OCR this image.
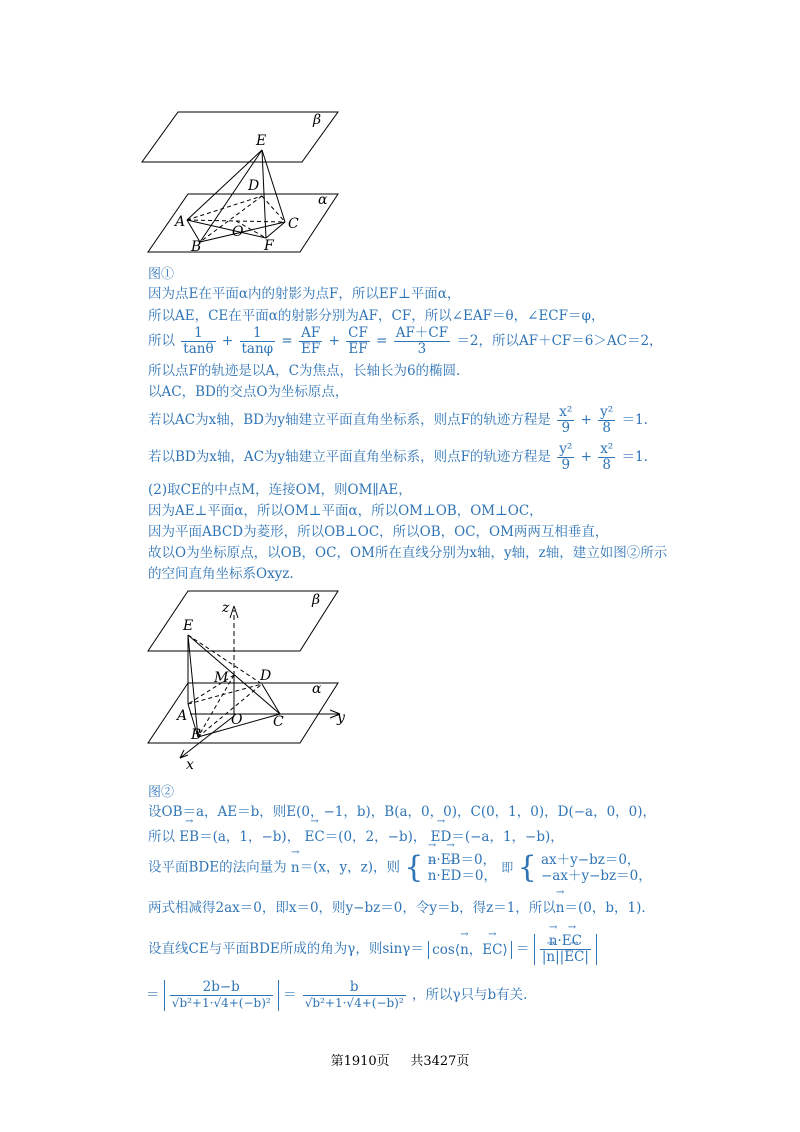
β
E
D
α
A
O	C
B	F
图①
因为点E在平面α内的射影为点F，所以EF⊥平面α，
所以AE，CE在平面α的射影分别为AF，CF，所以∠EAF＝θ，∠ECF＝φ，
所以 $\frac{1}{\tan\theta} + \frac{1}{\tan\varphi} = \frac{AF}{EF} + \frac{CF}{EF} = \frac{AF+CF}{3} =2$，所以AF＋CF＝6＞AC＝2，
所以点F的轨迹是以A，C为焦点，长轴长为6的椭圆.
以AC，BD的交点O为坐标原点，
若以AC为x轴，BD为y轴建立平面直角坐标系，则点F的轨迹方程是 $\frac{\text{x²}}{9} + \frac{\text{y²}}{8} =1$.
若以BD为x轴，AC为y轴建立平面直角坐标系，则点F的轨迹方程是 $\frac{\text{y²}}{9} + \frac{\text{x²}}{8} =1$.
(2)取CE的中点M，连接OM，则OM∥AE，
因为AE⊥平面α，所以OM⊥平面α，所以OM⊥OB，OM⊥OC，
因为平面ABCD为菱形，所以OB⊥OC，所以OB，OC，OM两两互相垂直，
故以O为坐标原点，以OB，OC，OM所在直线分别为x轴，y轴，z轴，建立如图②所示
的空间直角坐标系Oxyz.
β
z
E
M D
α
A	O C	y
B
x
图②
设OB＝a，AE＝b，则E(0，−1，b)，B(a，0，0)，C(0，1，0)，D(−a，0，0)，
所以 → EB＝(a，1，−b)， → EC＝(0，2，−b)， → ED＝(−a，1，−b)，
设平面BDE的法向量为 → n＝(x，y，z)，则 { → n·→ EB＝0，
→ n·→ ED＝0， 即 { ax＋y−bz＝0，
−ax＋y−bz＝0，
两式相减得2ax＝0，即x＝0，则y−bz＝0，令y＝b，得z＝1，所以→ n＝(0，b，1).
设直线CE与平面BDE所成的角为γ，则sinγ＝ cos⟨→ n，→ EC⟩ ＝ → $\frac{n\cdot\to EC}{|\to n||\to EC|}$
＝ $\frac{2b-b}{\text{√b²+1·√4+(−b)²}} = \frac{b}{\text{√b²+1·√4+(−b)²}}$ ，所以γ只与b有关.
第1910页 共3427页
